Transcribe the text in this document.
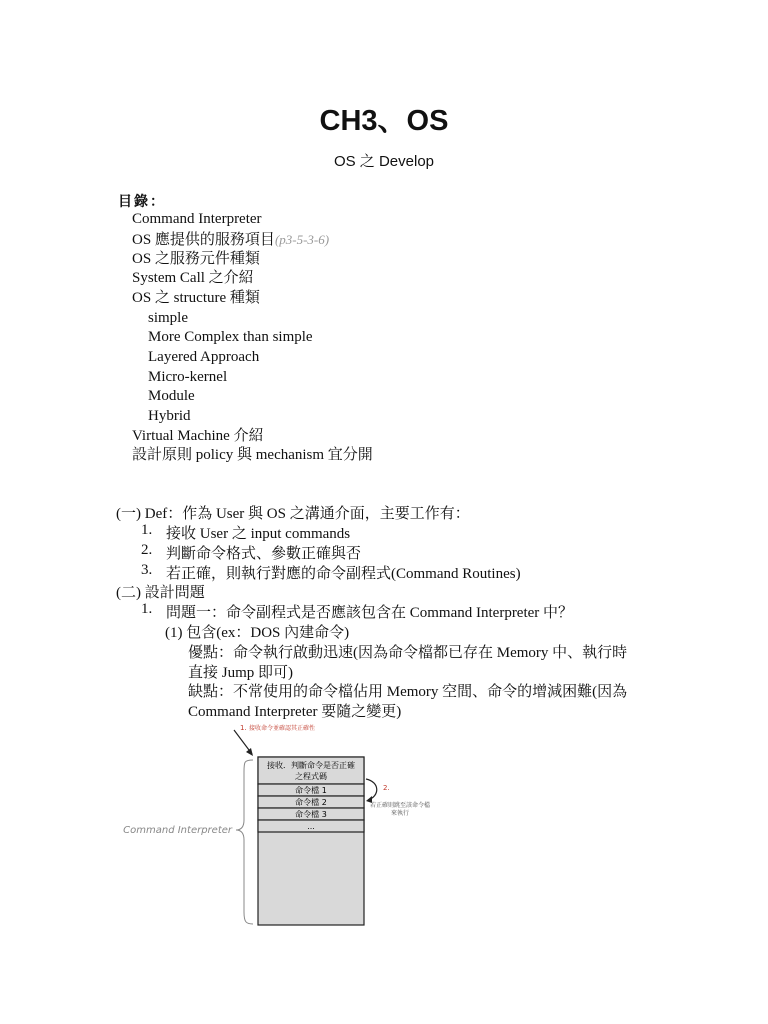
CH3、OS
OS 之 Develop
目錄：
Command Interpreter
OS 應提供的服務項目(p3-5-3-6)
OS 之服務元件種類
System Call 之介紹
OS 之 structure 種類
simple
More Complex than simple
Layered Approach
Micro-kernel
Module
Hybrid
Virtual Machine 介紹
設計原則 policy 與 mechanism 宜分開
(一) Def：作為 User 與 OS 之溝通介面，主要工作有：
1. 接收 User 之 input commands
2. 判斷命令格式、參數正確與否
3. 若正確，則執行對應的命令副程式(Command Routines)
(二) 設計問題
1. 問題一：命令副程式是否應該包含在 Command Interpreter 中？
(1) 包含(ex：DOS 內建命令)
優點：命令執行啟動迅速(因為命令檔都已存在 Memory 中、執行時
直接 Jump 即可)
缺點：不常使用的命令檔佔用 Memory 空間、命令的增減困難(因為
Command Interpreter 要隨之變更)
1. 接收命令並確認其正確性
接收．判斷命令是否正確
之程式碼
命令檔 1
命令檔 2
命令檔 3
...
2.
若正確則跳至該命令檔
來執行
Command Interpreter
